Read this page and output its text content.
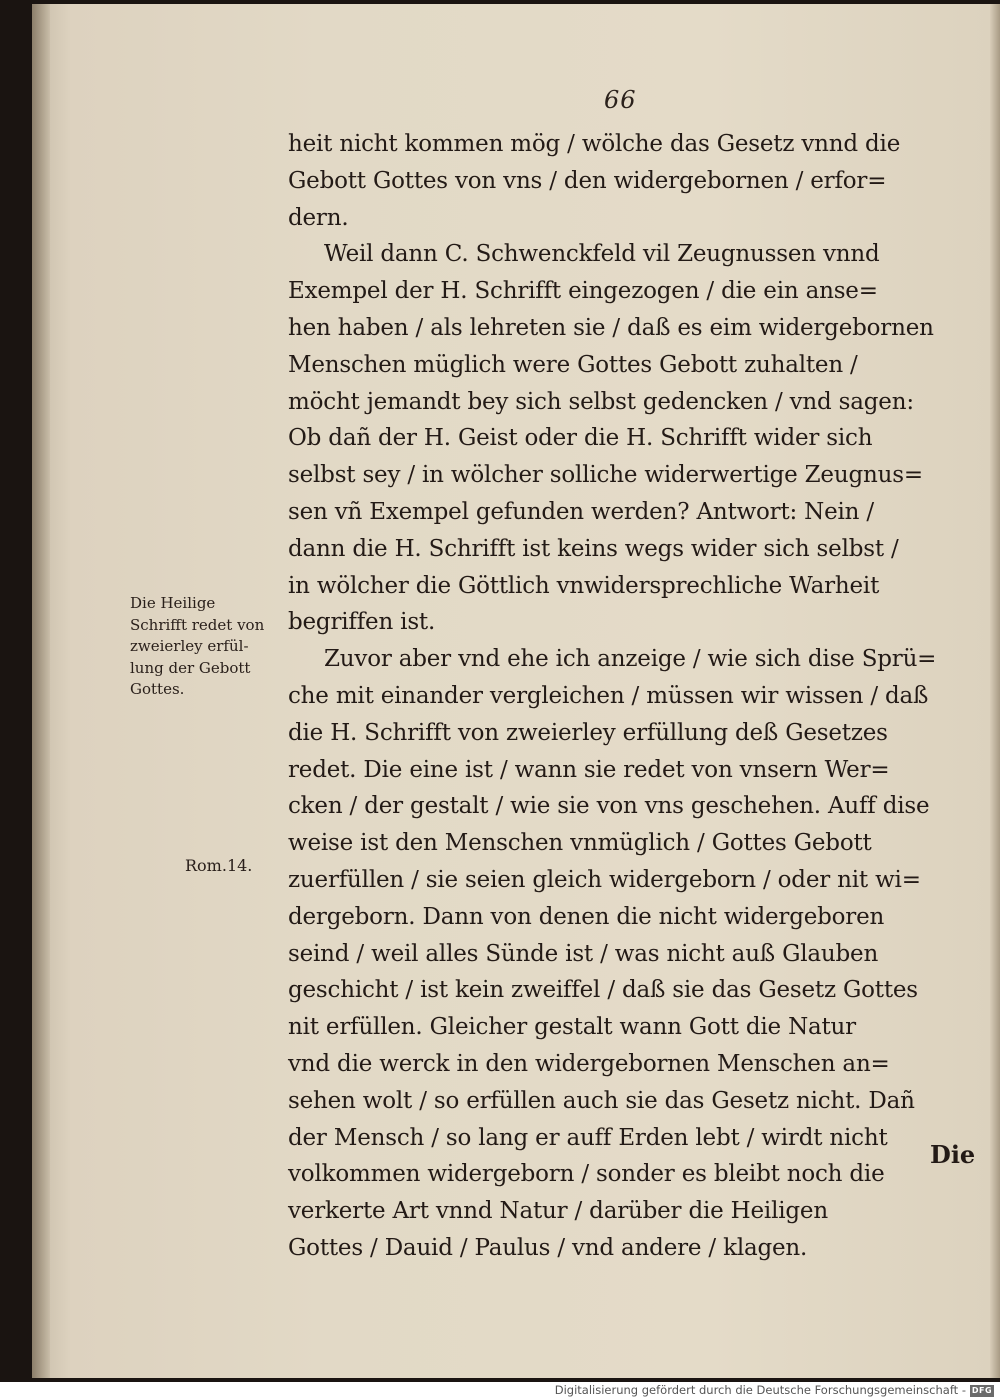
66
heit nicht kommen mög / wölche das Gesetz vnnd die
Gebott Gottes von vns / den widergebornen / erfor=
dern.
Weil dann C. Schwenckfeld vil Zeugnussen vnnd
Exempel der H. Schrifft eingezogen / die ein anse=
hen haben / als lehreten sie / daß es eim widergebornen
Menschen müglich were Gottes Gebott zuhalten /
möcht jemandt bey sich selbst gedencken / vnd sagen:
Ob dañ der H. Geist oder die H. Schrifft wider sich
selbst sey / in wölcher solliche widerwertige Zeugnus=
sen vñ Exempel gefunden werden? Antwort: Nein /
dann die H. Schrifft ist keins wegs wider sich selbst /
in wölcher die Göttlich vnwidersprechliche Warheit
begriffen ist.
Zuvor aber vnd ehe ich anzeige / wie sich dise Sprü=
che mit einander vergleichen / müssen wir wissen / daß
die H. Schrifft von zweierley erfüllung deß Gesetzes
redet. Die eine ist / wann sie redet von vnsern Wer=
cken / der gestalt / wie sie von vns geschehen. Auff dise
weise ist den Menschen vnmüglich / Gottes Gebott
zuerfüllen / sie seien gleich widergeborn / oder nit wi=
dergeborn. Dann von denen die nicht widergeboren
seind / weil alles Sünde ist / was nicht auß Glauben
geschicht / ist kein zweiffel / daß sie das Gesetz Gottes
nit erfüllen. Gleicher gestalt wann Gott die Natur
vnd die werck in den widergebornen Menschen an=
sehen wolt / so erfüllen auch sie das Gesetz nicht. Dañ
der Mensch / so lang er auff Erden lebt / wirdt nicht
volkommen widergeborn / sonder es bleibt noch die
verkerte Art vnnd Natur / darüber die Heiligen
Gottes / Dauid / Paulus / vnd andere / klagen.
Die Heilige
Schrifft redet von
zweierley erfül-
lung der Gebott
Gottes.
Rom.14.
Die
Digitalisierung gefördert durch die Deutsche Forschungsgemeinschaft - DFG
